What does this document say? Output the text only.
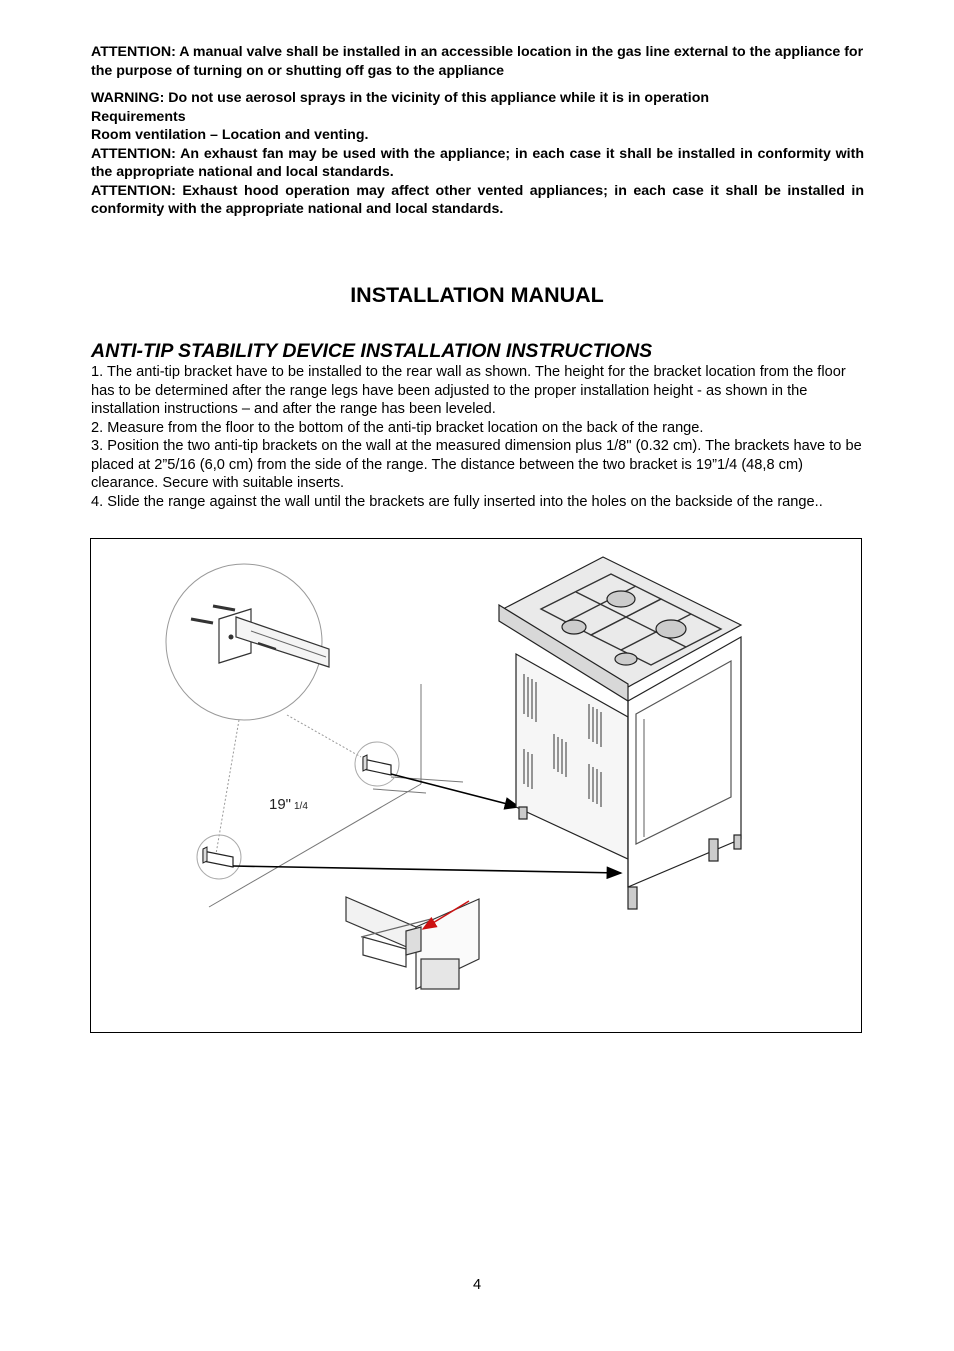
ATTENTION: A manual valve shall be installed in an accessible location in the gas line external to the appliance for the purpose of turning on or shutting off gas to the appliance

WARNING: Do not use aerosol sprays in the vicinity of this appliance while it is in operation

Requirements

Room ventilation – Location and venting.

ATTENTION: An exhaust fan may be used with the appliance; in each case it shall be installed in conformity with the appropriate national and local standards.

ATTENTION: Exhaust hood operation may affect other vented appliances; in each case it shall be installed in conformity with the appropriate national and local standards.

INSTALLATION MANUAL
ANTI-TIP STABILITY DEVICE INSTALLATION INSTRUCTIONS

1. The anti-tip bracket have to be installed to the rear wall as shown. The height for the bracket location from the floor has to be determined after the range legs have been adjusted to the proper installation height - as shown in the installation instructions – and after the range has been leveled.

2. Measure from the floor to the bottom of the anti-tip bracket location on the back of the range.

3. Position the two anti-tip brackets on the wall at the measured dimension plus 1/8" (0.32 cm). The brackets have to be placed at 2”5/16 (6,0 cm) from the side of the range. The distance between the two bracket is 19”1/4 (48,8 cm) clearance. Secure with suitable inserts.

4. Slide the range against the wall until the brackets are fully inserted into the holes on the backside of the range..

19" 1/4

4
